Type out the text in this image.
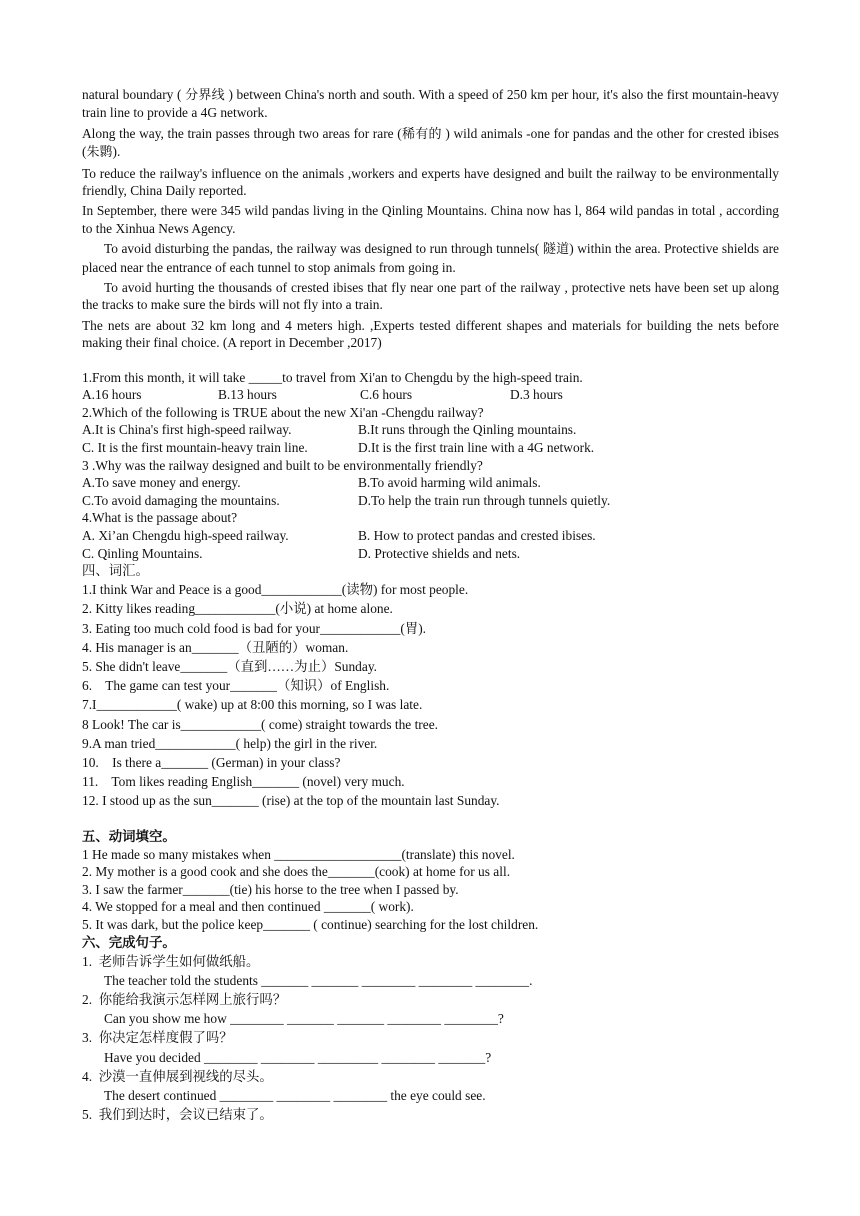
natural boundary ( 分界线 ) between China's north and south. With a speed of 250 km per hour, it's also the first mountain-heavy train line to provide a 4G network.

Along the way, the train passes through two areas for rare (稀有的 ) wild animals -one for pandas and the other for crested ibises (朱鹮).

To reduce the railway's influence on the animals ,workers and experts have designed and built the railway to be environmentally friendly, China Daily reported.

In September, there were 345 wild pandas living in the Qinling Mountains. China now has l, 864 wild pandas in total , according to the Xinhua News Agency.

To avoid disturbing the pandas, the railway was designed to run through tunnels( 隧道) within the area. Protective shields are placed near the entrance of each tunnel to stop animals from going in.

To avoid hurting the thousands of crested ibises that fly near one part of the railway , protective nets have been set up along the tracks to make sure the birds will not fly into a train.

The nets are about 32 km long and 4 meters high. ,Experts tested different shapes and materials for building the nets before making their final choice. (A report in December ,2017)

1.From this month, it will take _____to travel from Xi'an to Chengdu by the high-speed train.

A.16 hours	B.13 hours	C.6 hours	D.3 hours

2.Which of the following is TRUE about the new Xi'an -Chengdu railway?

A.It is China's first high-speed railway.	B.It runs through the Qinling mountains.
C. It is the first mountain-heavy train line.	D.It is the first train line with a 4G network.

3 .Why was the railway designed and built to be environmentally friendly?

A.To save money and energy.	B.To avoid harming wild animals.
C.To avoid damaging the mountains.	D.To help the train run through tunnels quietly.

4.What is the passage about?

A. Xi’an Chengdu high-speed railway.	B. How to protect pandas and crested ibises.
C. Qinling Mountains.	D. Protective shields and nets.

四、词汇。

1.I think War and Peace is a good____________(读物) for most people.

2. Kitty likes reading____________(小说) at home alone.

3. Eating too much cold food is bad for your____________(胃).

4. His manager is an_______（丑陋的）woman.

5. She didn't leave_______（直到……为止）Sunday.

6.    The game can test your_______（知识）of English.

7.I____________( wake) up at 8:00 this morning, so I was late.

8 Look! The car is____________( come) straight towards the tree.

9.A man tried____________( help) the girl in the river.

10.    Is there a_______ (German) in your class?

11.    Tom likes reading English_______ (novel) very much.

12. I stood up as the sun_______ (rise) at the top of the mountain last Sunday.

五、动词填空。

1 He made so many mistakes when ___________________(translate) this novel.

2. My mother is a good cook and she does the_______(cook) at home for us all.

3. I saw the farmer_______(tie) his horse to the tree when I passed by.

4. We stopped for a meal and then continued _______( work).

5. It was dark, but the police keep_______ ( continue) searching for the lost children.

六、完成句子。

1.  老师告诉学生如何做纸船。

The teacher told the students _______ _______ ________ ________ ________.

2.  你能给我演示怎样网上旅行吗？

Can you show me how ________ _______ _______ ________ ________?

3.  你决定怎样度假了吗？

Have you decided ________ ________ _________ ________ _______?

4.  沙漠一直伸展到视线的尽头。

The desert continued ________ ________ ________ the eye could see.

5.  我们到达时，会议已结束了。
